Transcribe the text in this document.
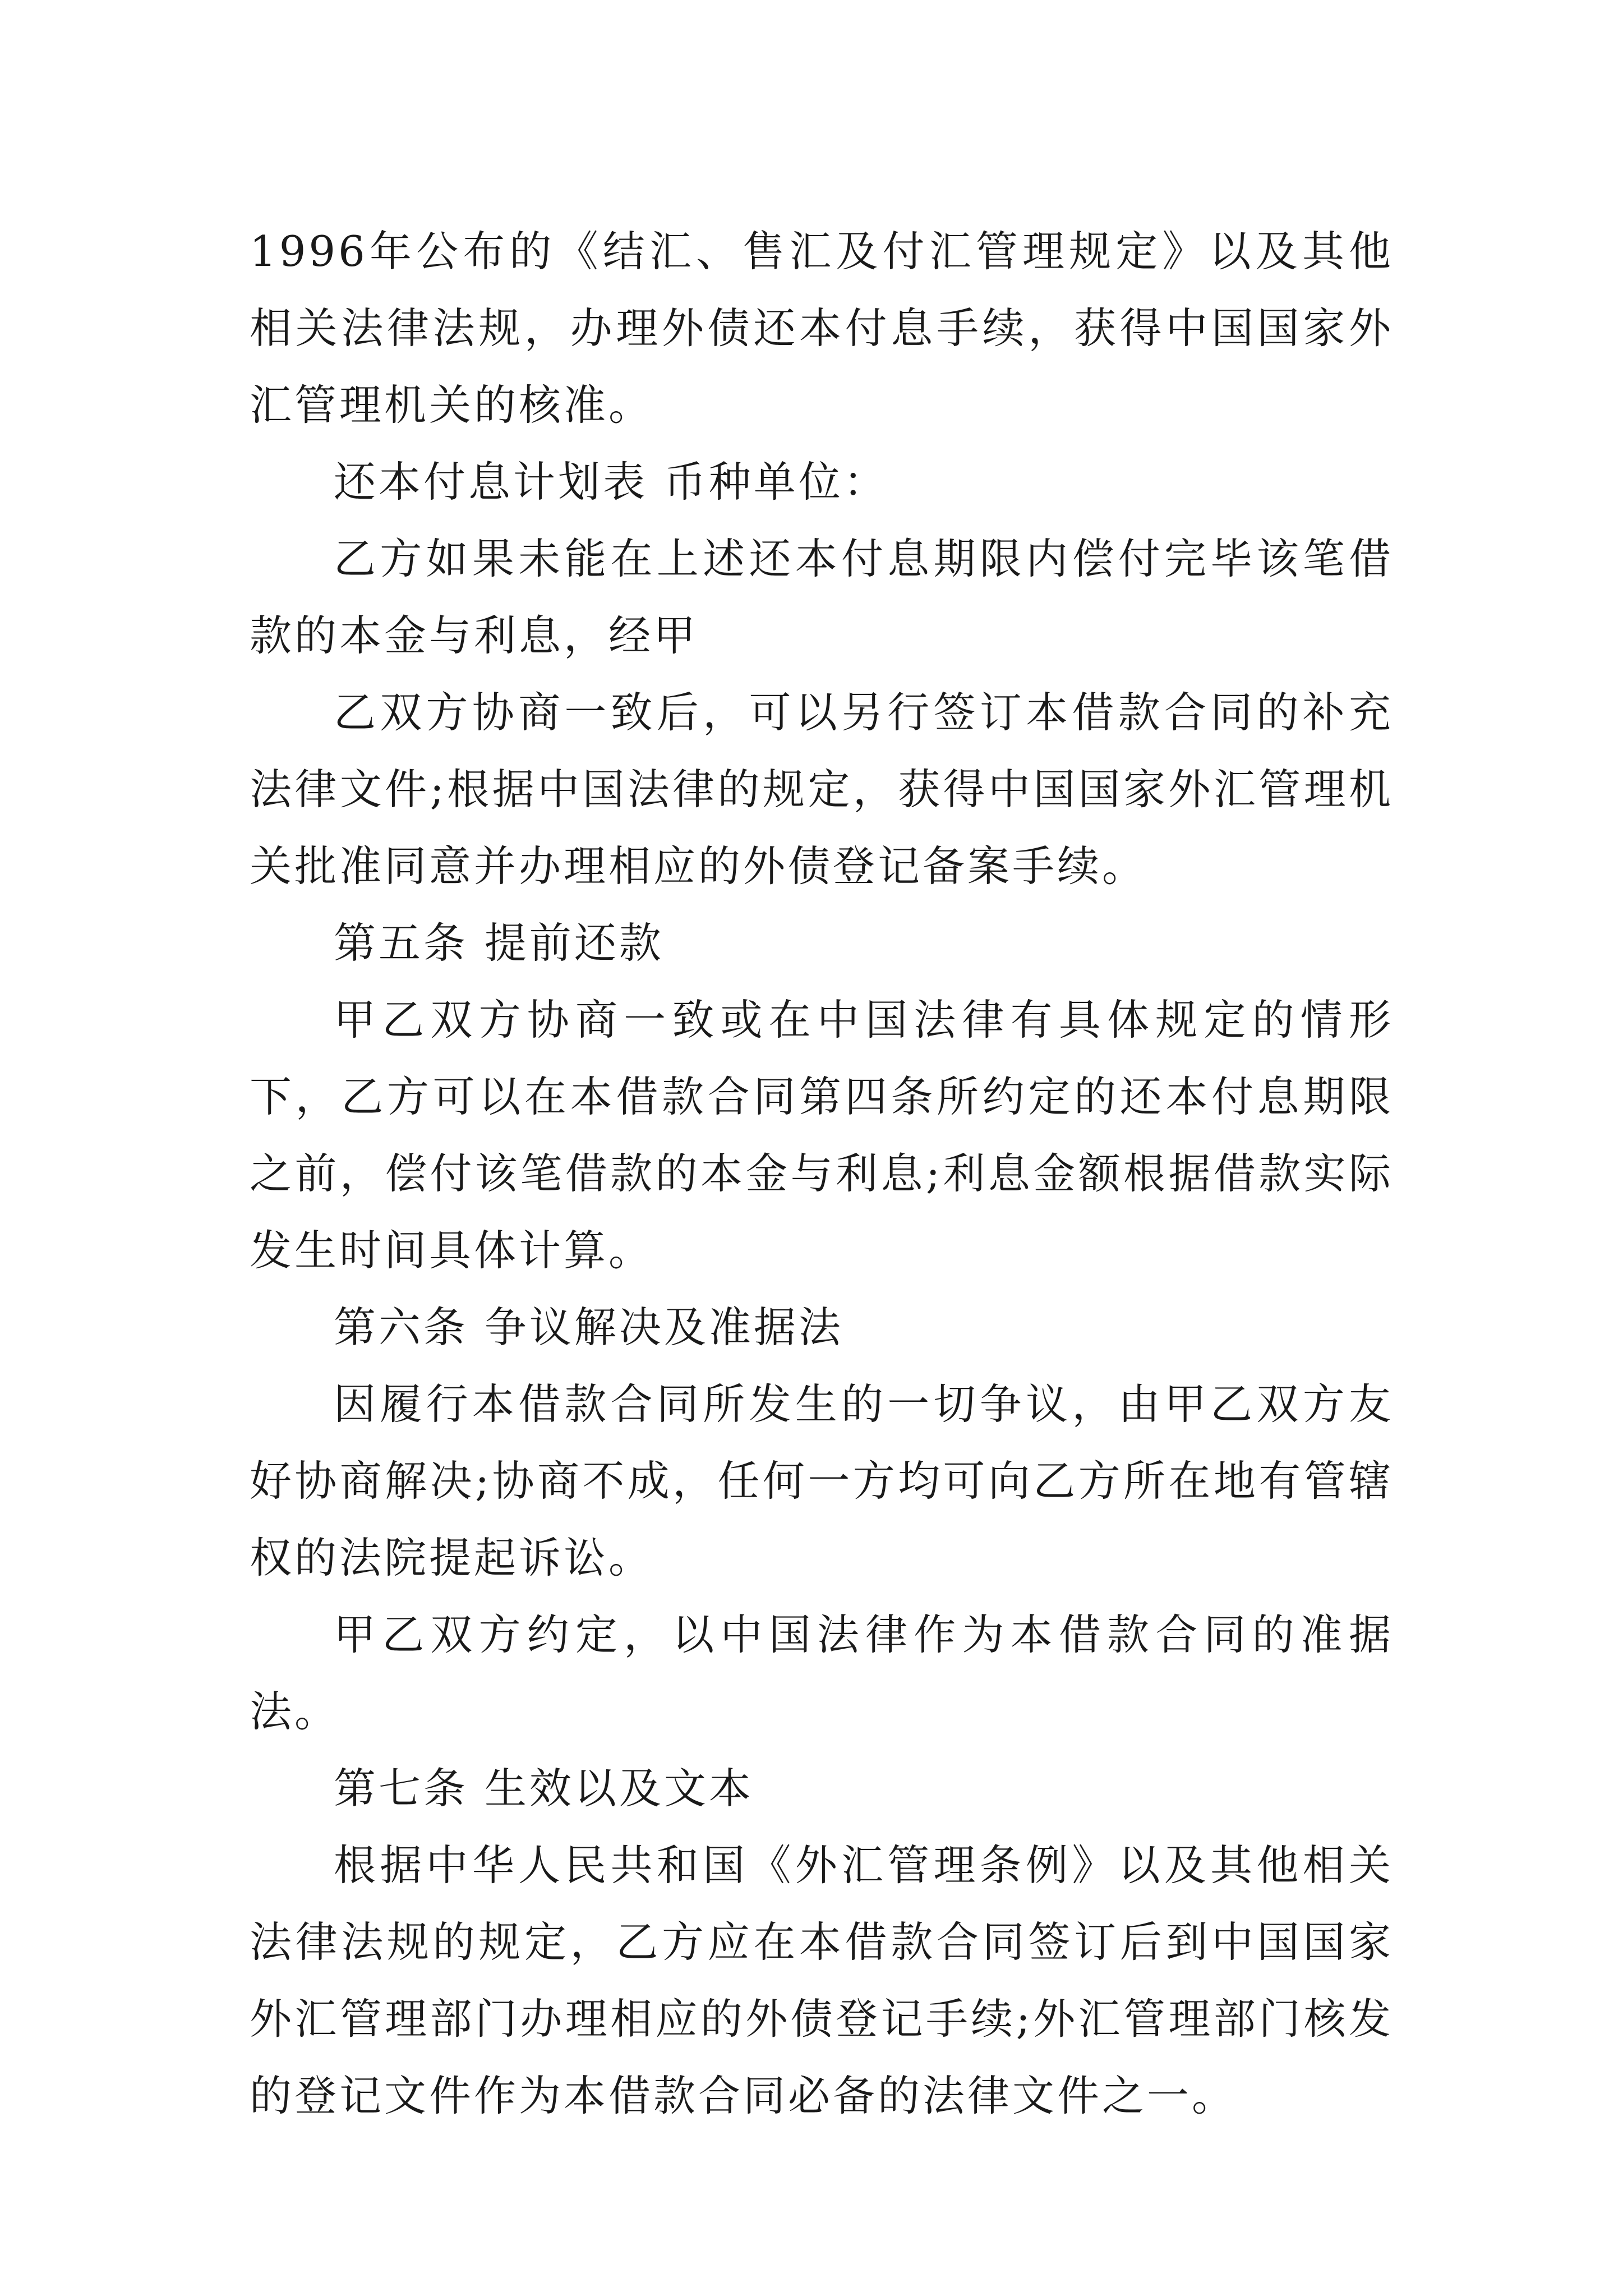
1996年公布的《结汇、售汇及付汇管理规定》以及其他相关法律法规，办理外债还本付息手续，获得中国国家外汇管理机关的核准。

还本付息计划表 币种单位：

乙方如果未能在上述还本付息期限内偿付完毕该笔借款的本金与利息，经甲

乙双方协商一致后，可以另行签订本借款合同的补充法律文件;根据中国法律的规定，获得中国国家外汇管理机关批准同意并办理相应的外债登记备案手续。

第五条 提前还款

甲乙双方协商一致或在中国法律有具体规定的情形下，乙方可以在本借款合同第四条所约定的还本付息期限之前，偿付该笔借款的本金与利息;利息金额根据借款实际发生时间具体计算。

第六条 争议解决及准据法

因履行本借款合同所发生的一切争议，由甲乙双方友好协商解决;协商不成，任何一方均可向乙方所在地有管辖权的法院提起诉讼。

甲乙双方约定，以中国法律作为本借款合同的准据法。

第七条 生效以及文本

根据中华人民共和国《外汇管理条例》以及其他相关法律法规的规定，乙方应在本借款合同签订后到中国国家外汇管理部门办理相应的外债登记手续;外汇管理部门核发的登记文件作为本借款合同必备的法律文件之一。
